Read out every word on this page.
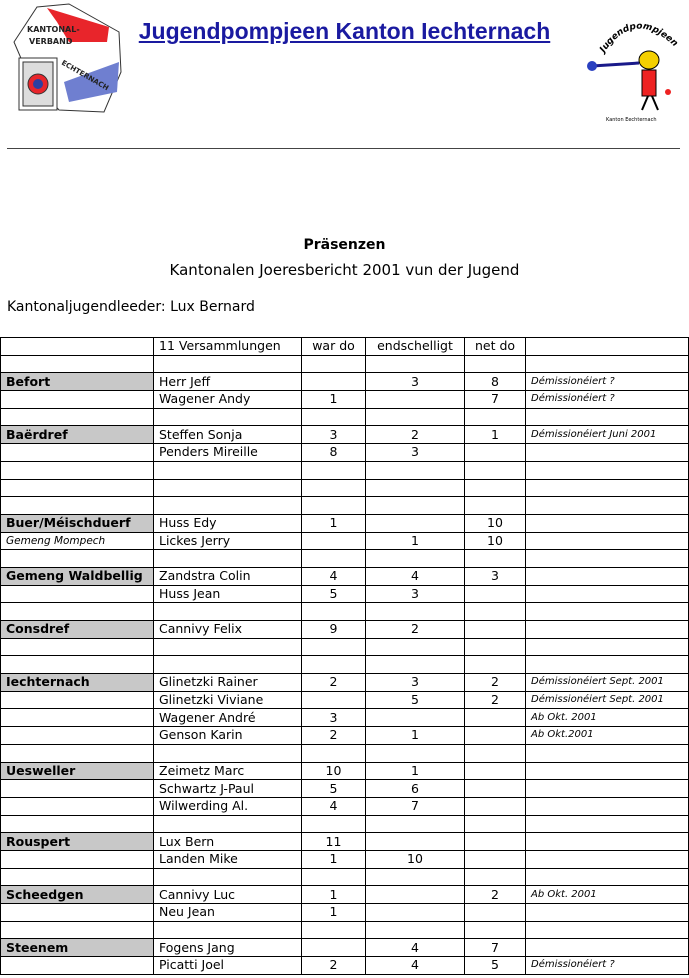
Jugendpompjeen Kanton Iechternach
KANTONAL-
VERBAND
ECHTERNACH
Jugendpompjeen
Kanton Eechternach
Präsenzen
Kantonalen Joeresbericht 2001 vun der Jugend
Kantonaljugendleeder: Lux Bernard
	11 Versammlungen	war do	endschelligt	net do	

Befort	Herr Jeff		3	8	Démissionéiert ?
	Wagener Andy	1		7	Démissionéiert ?

Baërdref	Steffen Sonja	3	2	1	Démissionéiert Juni 2001
	Penders Mireille	8	3		

Buer/Méischduerf	Huss Edy	1		10	
Gemeng Mompech	Lickes Jerry		1	10	

Gemeng Waldbellig	Zandstra Colin	4	4	3	
	Huss Jean	5	3		

Consdref	Cannivy Felix	9	2		

Iechternach	Glinetzki Rainer	2	3	2	Démissionéiert Sept. 2001
	Glinetzki Viviane		5	2	Démissionéiert Sept. 2001
	Wagener André	3			Ab Okt. 2001
	Genson Karin	2	1		Ab Okt.2001

Uesweller	Zeimetz Marc	10	1		
	Schwartz J-Paul	5	6		
	Wilwerding Al.	4	7		

Rouspert	Lux Bern	11			
	Landen Mike	1	10		

Scheedgen	Cannivy Luc	1		2	Ab Okt. 2001
	Neu Jean	1			

Steenem	Fogens Jang		4	7	
	Picatti Joel	2	4	5	Démissionéiert ?
